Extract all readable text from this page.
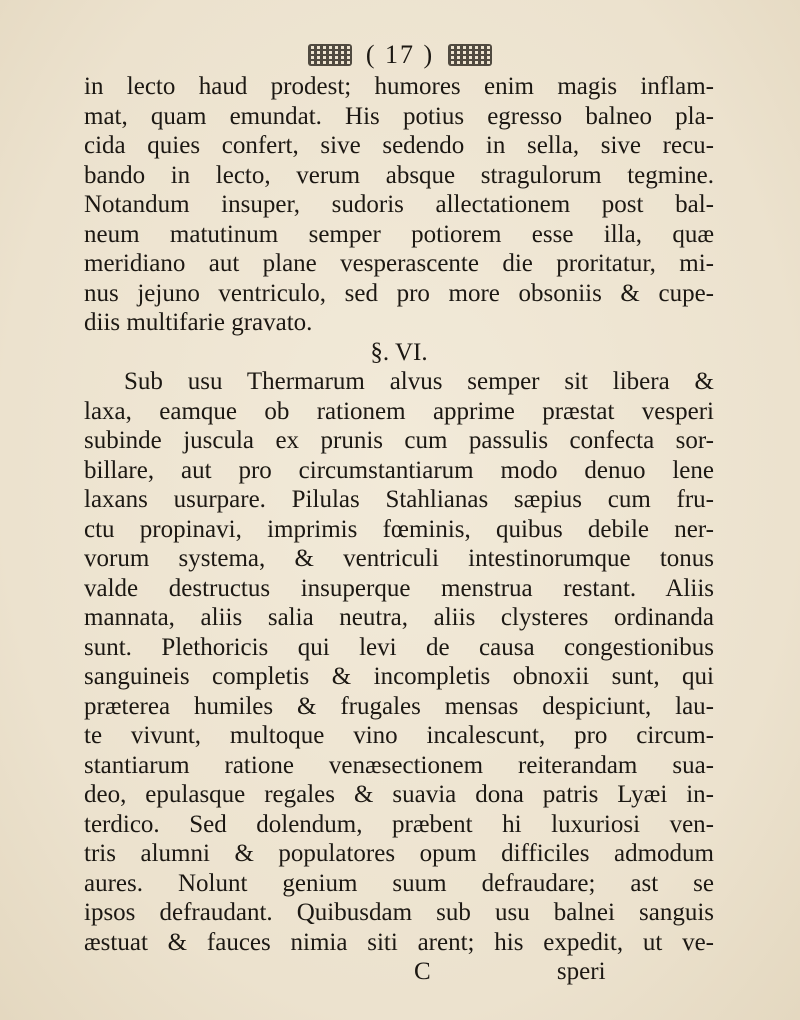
( 17 )
in lecto haud prodest; humores enim magis inflam-
mat, quam emundat. His potius egresso balneo pla-
cida quies confert, sive sedendo in sella, sive recu-
bando in lecto, verum absque stragulorum tegmine.
Notandum insuper, sudoris allectationem post bal-
neum matutinum semper potiorem esse illa, quæ
meridiano aut plane vesperascente die proritatur, mi-
nus jejuno ventriculo, sed pro more obsoniis & cupe-
diis multifarie gravato.
§. VI.
Sub usu Thermarum alvus semper sit libera &
laxa, eamque ob rationem apprime præstat vesperi
subinde jusculа ex prunis cum passulis confecta sor-
billare, aut pro circumstantiarum modo denuo lene
laxans usurpare. Pilulas Stahlianas sæpius cum fru-
ctu propinavi, imprimis fœminis, quibus debile ner-
vorum systema, & ventriculi intestinorumque tonus
valde destructus insuperque menstrua restant. Aliis
mannata, aliis salia neutra, aliis clysteres ordinanda
sunt. Plethoricis qui levi de causa congestionibus
sanguineis completis & incompletis obnoxii sunt, qui
præterea humiles & frugales mensas despiciunt, lau-
te vivunt, multoque vino incalescunt, pro circum-
stantiarum ratione venæsectionem reiterandam sua-
deo, epulasque regales & suavia dona patris Lyæi in-
terdico. Sed dolendum, præbent hi luxuriosi ven-
tris alumni & populatores opum difficiles admodum
aures. Nolunt genium suum defraudare; ast se
ipsos defraudant. Quibusdam sub usu balnei sanguis
æstuat & fauces nimia siti arent; his expedit, ut ve-
C speri
